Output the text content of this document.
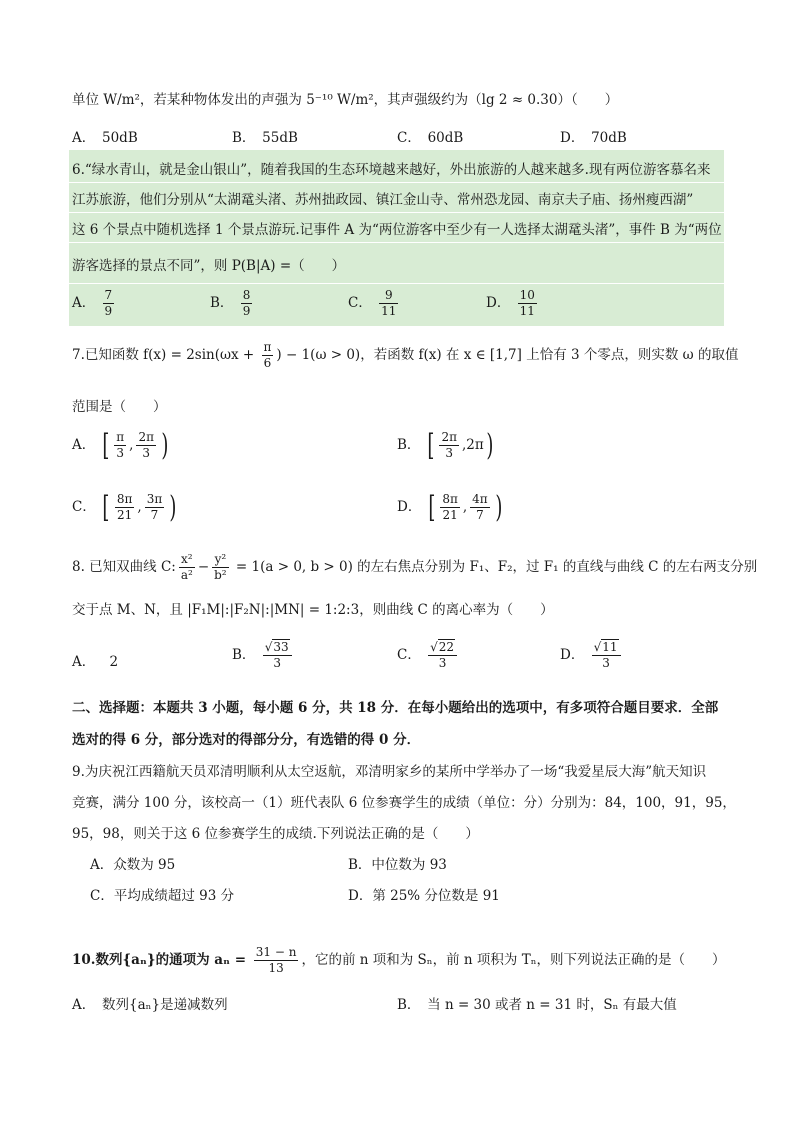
单位 W/m²，若某种物体发出的声强为 5⁻¹⁰ W/m²，其声强级约为（lg 2 ≈ 0.30）（　　）
A．　50dB	B．　55dB	C．　60dB	D．　70dB
6.“绿水青山，就是金山银山”，随着我国的生态环境越来越好，外出旅游的人越来越多.现有两位游客慕名来
江苏旅游，他们分别从“太湖鼋头渚、苏州拙政园、镇江金山寺、常州恐龙园、南京夫子庙、扬州瘦西湖”
这 6 个景点中随机选择 1 个景点游玩.记事件 A 为“两位游客中至少有一人选择太湖鼋头渚”，事件 B 为“两位
游客选择的景点不同”，则 P(B|A) =（　　）
A． $\frac{7}{9}$	B． $\frac{8}{9}$	C． $\frac{9}{11}$	D． $\frac{10}{11}$
7.已知函数 $f(x) = 2\sin(\omega x + \frac{\pi}{6}$ ) − 1(ω > 0)，若函数 f(x) 在 x ∈ [1,7] 上恰有 3 个零点，则实数 ω 的取值
范围是（　　）
A． [ $\frac{\pi}{3}$ , $\frac{2\pi}{3}$ )	B． [ $\frac{2\pi}{3} ,2\pi$)
C． [ $\frac{8\pi}{21}$ , $\frac{3\pi}{7}$ )	D． [ $\frac{8\pi}{21}$ , $\frac{4\pi}{7}$ )
8. 已知双曲线 C: $\frac{\text{x²}}{\text{a²}} - \frac{\text{y²}}{\text{b²}} = 1(a > 0$, b > 0) 的左右焦点分别为 F₁、F₂，过 F₁ 的直线与曲线 C 的左右两支分别
交于点 M、N，且 |F₁M|:|F₂N|:|MN| = 1:2:3，则曲线 C 的离心率为（　　）
A． 2	B． $\frac{√33}{3}$	C． $\frac{√22}{3}$	D． $\frac{√11}{3}$
二、选择题：本题共 3 小题，每小题 6 分，共 18 分．在每小题给出的选项中，有多项符合题目要求．全部
选对的得 6 分，部分选对的得部分分，有选错的得 0 分．
9.为庆祝江西籍航天员邓清明顺利从太空返航，邓清明家乡的某所中学举办了一场“我爱星辰大海”航天知识
竞赛，满分 100 分，该校高一（1）班代表队 6 位参赛学生的成绩（单位：分）分别为：84，100，91，95，
95，98，则关于这 6 位参赛学生的成绩.下列说法正确的是（　　）
A．众数为 95	B．中位数为 93
C．平均成绩超过 93 分	D．第 25% 分位数是 91
10.数列{aₙ}的通项为 $a_n = \frac{31 - n}{13}$ ，它的前 n 项和为 Sₙ，前 n 项积为 Tₙ，则下列说法正确的是（　　）
A．　数列{aₙ}是递减数列	B．　当 n = 30 或者 n = 31 时，Sₙ 有最大值
